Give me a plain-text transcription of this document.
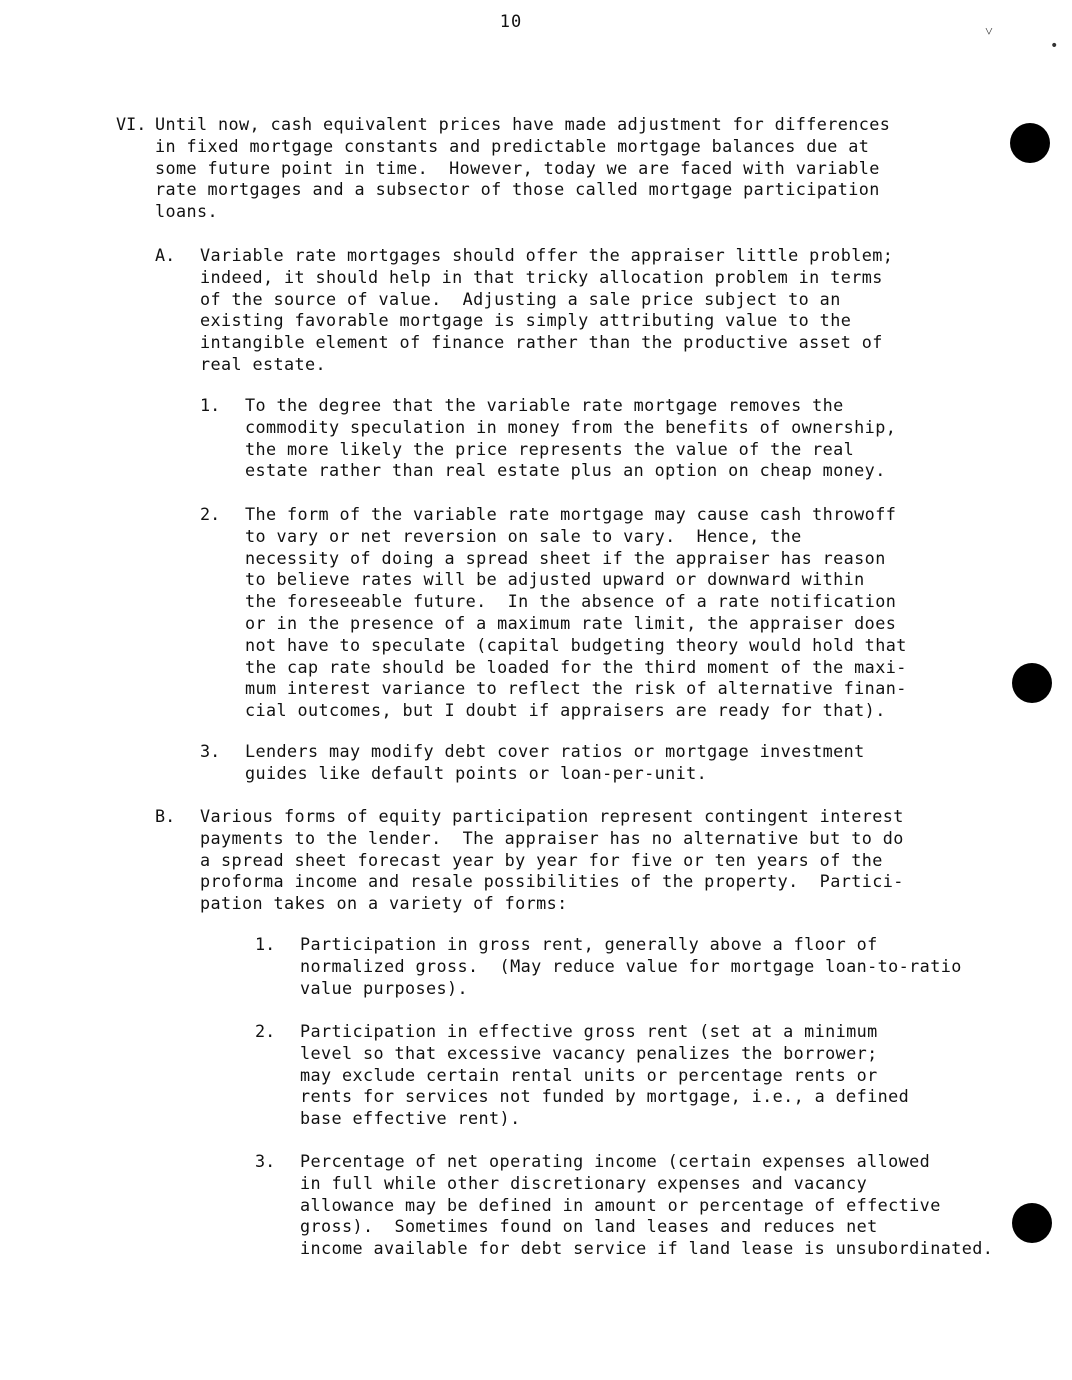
10	˅
•
VI. Until now, cash equivalent prices have made adjustment for differences
in fixed mortgage constants and predictable mortgage balances due at
some future point in time.  However, today we are faced with variable
rate mortgages and a subsector of those called mortgage participation
loans.
A. Variable rate mortgages should offer the appraiser little problem;
indeed, it should help in that tricky allocation problem in terms
of the source of value.  Adjusting a sale price subject to an
existing favorable mortgage is simply attributing value to the
intangible element of finance rather than the productive asset of
real estate.
1. To the degree that the variable rate mortgage removes the
commodity speculation in money from the benefits of ownership,
the more likely the price represents the value of the real
estate rather than real estate plus an option on cheap money.
2. The form of the variable rate mortgage may cause cash throwoff
to vary or net reversion on sale to vary.  Hence, the
necessity of doing a spread sheet if the appraiser has reason
to believe rates will be adjusted upward or downward within
the foreseeable future.  In the absence of a rate notification
or in the presence of a maximum rate limit, the appraiser does
not have to speculate (capital budgeting theory would hold that
the cap rate should be loaded for the third moment of the maxi-
mum interest variance to reflect the risk of alternative finan-
cial outcomes, but I doubt if appraisers are ready for that).
3. Lenders may modify debt cover ratios or mortgage investment
guides like default points or loan-per-unit.
B. Various forms of equity participation represent contingent interest
payments to the lender.  The appraiser has no alternative but to do
a spread sheet forecast year by year for five or ten years of the
proforma income and resale possibilities of the property.  Partici-
pation takes on a variety of forms:
1. Participation in gross rent, generally above a floor of
normalized gross.  (May reduce value for mortgage loan-to-ratio
value purposes).
2. Participation in effective gross rent (set at a minimum
level so that excessive vacancy penalizes the borrower;
may exclude certain rental units or percentage rents or
rents for services not funded by mortgage, i.e., a defined
base effective rent).
3. Percentage of net operating income (certain expenses allowed
in full while other discretionary expenses and vacancy
allowance may be defined in amount or percentage of effective
gross).  Sometimes found on land leases and reduces net
income available for debt service if land lease is unsubordinated.
